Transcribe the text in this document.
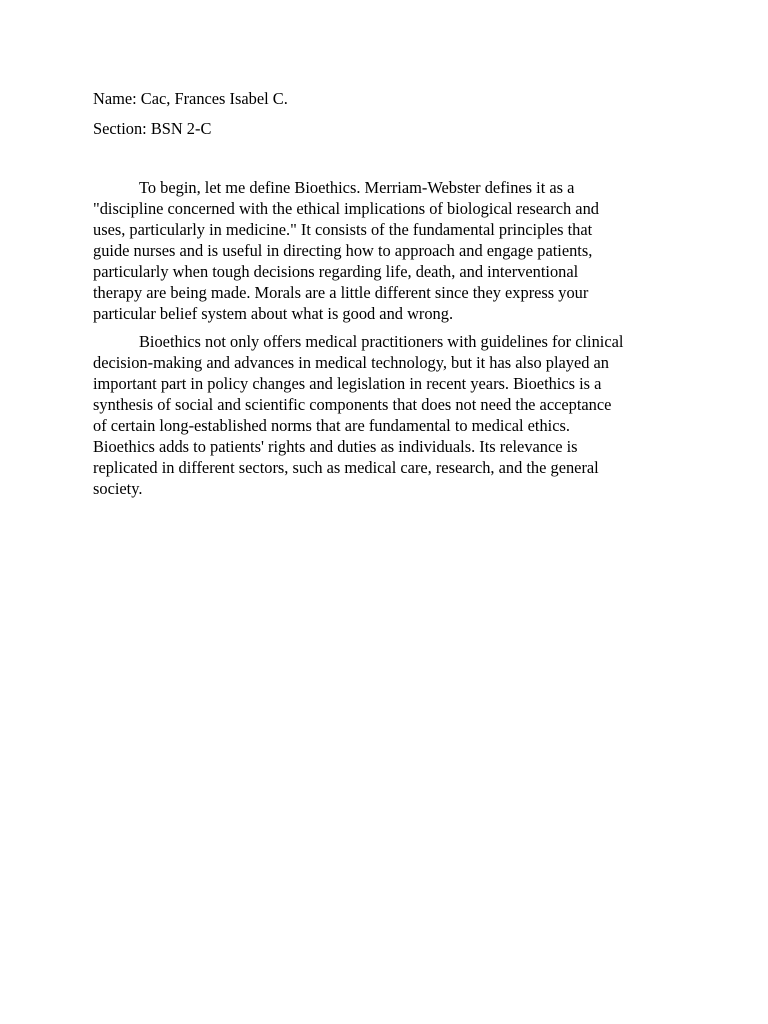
Name: Cac, Frances Isabel C.
Section: BSN 2-C
To begin, let me define Bioethics. Merriam-Webster defines it as a
"discipline concerned with the ethical implications of biological research and
uses, particularly in medicine." It consists of the fundamental principles that
guide nurses and is useful in directing how to approach and engage patients,
particularly when tough decisions regarding life, death, and interventional
therapy are being made. Morals are a little different since they express your
particular belief system about what is good and wrong.
Bioethics not only offers medical practitioners with guidelines for clinical
decision-making and advances in medical technology, but it has also played an
important part in policy changes and legislation in recent years. Bioethics is a
synthesis of social and scientific components that does not need the acceptance
of certain long-established norms that are fundamental to medical ethics.
Bioethics adds to patients' rights and duties as individuals. Its relevance is
replicated in different sectors, such as medical care, research, and the general
society.
